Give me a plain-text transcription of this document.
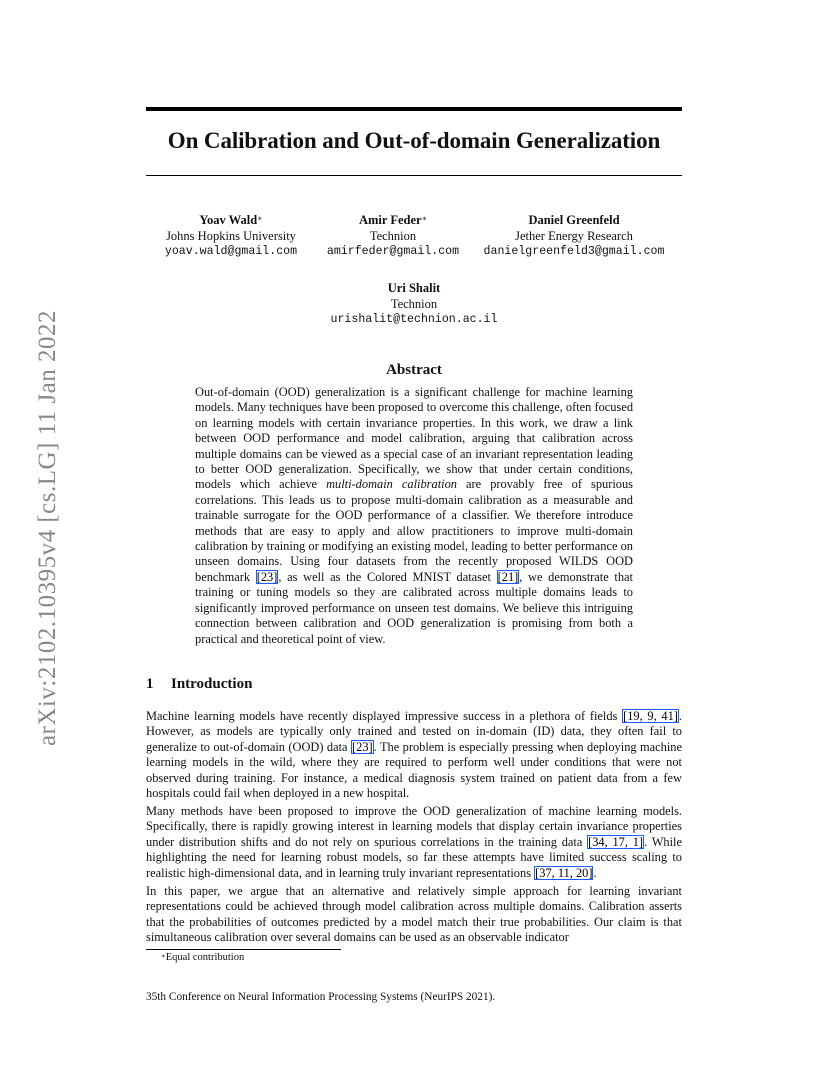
arXiv:2102.10395v4 [cs.LG] 11 Jan 2022
On Calibration and Out-of-domain Generalization
Yoav Wald∗
Johns Hopkins University
yoav.wald@gmail.com
Amir Feder∗
Technion
amirfeder@gmail.com
Daniel Greenfeld
Jether Energy Research
danielgreenfeld3@gmail.com
Uri Shalit
Technion
urishalit@technion.ac.il
Abstract
Out-of-domain (OOD) generalization is a significant challenge for machine learning models. Many techniques have been proposed to overcome this challenge, often focused on learning models with certain invariance properties. In this work, we draw a link between OOD performance and model calibration, arguing that calibration across multiple domains can be viewed as a special case of an invariant representation leading to better OOD generalization. Specifically, we show that under certain conditions, models which achieve multi-domain calibration are provably free of spurious correlations. This leads us to propose multi-domain calibration as a measurable and trainable surrogate for the OOD performance of a classifier. We therefore introduce methods that are easy to apply and allow practitioners to improve multi-domain calibration by training or modifying an existing model, leading to better performance on unseen domains. Using four datasets from the recently proposed WILDS OOD benchmark [23], as well as the Colored MNIST dataset [21], we demonstrate that training or tuning models so they are calibrated across multiple domains leads to significantly improved performance on unseen test domains. We believe this intriguing connection between calibration and OOD generalization is promising from both a practical and theoretical point of view.
1 Introduction

Machine learning models have recently displayed impressive success in a plethora of fields [19, 9, 41]. However, as models are typically only trained and tested on in-domain (ID) data, they often fail to generalize to out-of-domain (OOD) data [23]. The problem is especially pressing when deploying machine learning models in the wild, where they are required to perform well under conditions that were not observed during training. For instance, a medical diagnosis system trained on patient data from a few hospitals could fail when deployed in a new hospital.

Many methods have been proposed to improve the OOD generalization of machine learning models. Specifically, there is rapidly growing interest in learning models that display certain invariance properties under distribution shifts and do not rely on spurious correlations in the training data [34, 17, 1]. While highlighting the need for learning robust models, so far these attempts have limited success scaling to realistic high-dimensional data, and in learning truly invariant representations [37, 11, 20].

In this paper, we argue that an alternative and relatively simple approach for learning invariant representations could be achieved through model calibration across multiple domains. Calibration asserts that the probabilities of outcomes predicted by a model match their true probabilities. Our claim is that simultaneous calibration over several domains can be used as an observable indicator

∗Equal contribution
35th Conference on Neural Information Processing Systems (NeurIPS 2021).
